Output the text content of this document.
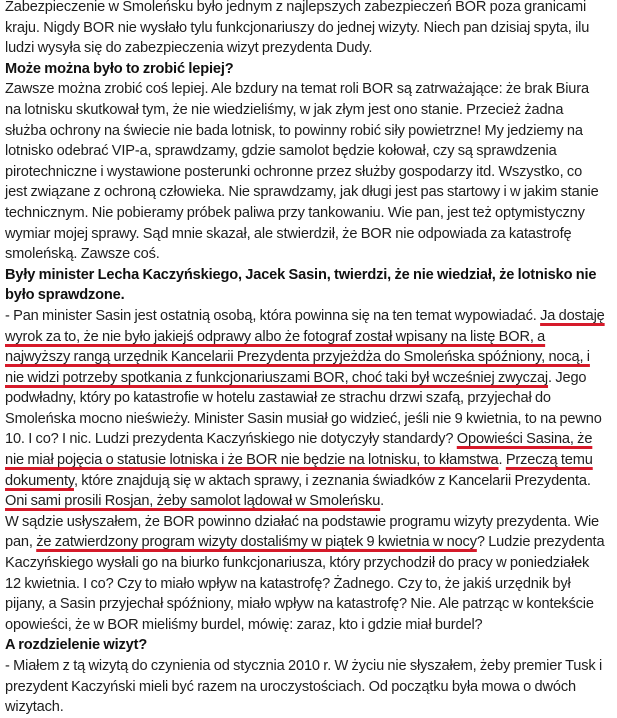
Zabezpieczenie w Smoleńsku było jednym z najlepszych zabezpieczeń BOR poza granicami kraju. Nigdy BOR nie wysłało tylu funkcjonariuszy do jednej wizyty. Niech pan dzisiaj spyta, ilu ludzi wysyła się do zabezpieczenia wizyt prezydenta Dudy.

Może można było to zrobić lepiej?

Zawsze można zrobić coś lepiej. Ale bzdury na temat roli BOR są zatrważające: że brak Biura na lotnisku skutkował tym, że nie wiedzieliśmy, w jak złym jest ono stanie. Przecież żadna służba ochrony na świecie nie bada lotnisk, to powinny robić siły powietrzne! My jedziemy na lotnisko odebrać VIP-a, sprawdzamy, gdzie samolot będzie kołował, czy są sprawdzenia pirotechniczne i wystawione posterunki ochronne przez służby gospodarzy itd. Wszystko, co jest związane z ochroną człowieka. Nie sprawdzamy, jak długi jest pas startowy i w jakim stanie technicznym. Nie pobieramy próbek paliwa przy tankowaniu. Wie pan, jest też optymistyczny wymiar mojej sprawy. Sąd mnie skazał, ale stwierdził, że BOR nie odpowiada za katastrofę smoleńską. Zawsze coś.

Były minister Lecha Kaczyńskiego, Jacek Sasin, twierdzi, że nie wiedział, że lotnisko nie było sprawdzone.

- Pan minister Sasin jest ostatnią osobą, która powinna się na ten temat wypowiadać. Ja dostaję wyrok za to, że nie było jakiejś odprawy albo że fotograf został wpisany na listę BOR, a najwyższy rangą urzędnik Kancelarii Prezydenta przyjeżdża do Smoleńska spóźniony, nocą, i nie widzi potrzeby spotkania z funkcjonariuszami BOR, choć taki był wcześniej zwyczaj. Jego podwładny, który po katastrofie w hotelu zastawiał ze strachu drzwi szafą, przyjechał do Smoleńska mocno nieświeży. Minister Sasin musiał go widzieć, jeśli nie 9 kwietnia, to na pewno 10. I co? I nic. Ludzi prezydenta Kaczyńskiego nie dotyczyły standardy? Opowieści Sasina, że nie miał pojęcia o statusie lotniska i że BOR nie będzie na lotnisku, to kłamstwa. Przeczą temu dokumenty, które znajdują się w aktach sprawy, i zeznania świadków z Kancelarii Prezydenta. Oni sami prosili Rosjan, żeby samolot lądował w Smoleńsku.

W sądzie usłyszałem, że BOR powinno działać na podstawie programu wizyty prezydenta. Wie pan, że zatwierdzony program wizyty dostaliśmy w piątek 9 kwietnia w nocy? Ludzie prezydenta Kaczyńskiego wysłali go na biurko funkcjonariusza, który przychodził do pracy w poniedziałek 12 kwietnia. I co? Czy to miało wpływ na katastrofę? Żadnego. Czy to, że jakiś urzędnik był pijany, a Sasin przyjechał spóźniony, miało wpływ na katastrofę? Nie. Ale patrząc w kontekście opowieści, że w BOR mieliśmy burdel, mówię: zaraz, kto i gdzie miał burdel?

A rozdzielenie wizyt?

- Miałem z tą wizytą do czynienia od stycznia 2010 r. W życiu nie słyszałem, żeby premier Tusk i prezydent Kaczyński mieli być razem na uroczystościach. Od początku była mowa o dwóch wizytach.
